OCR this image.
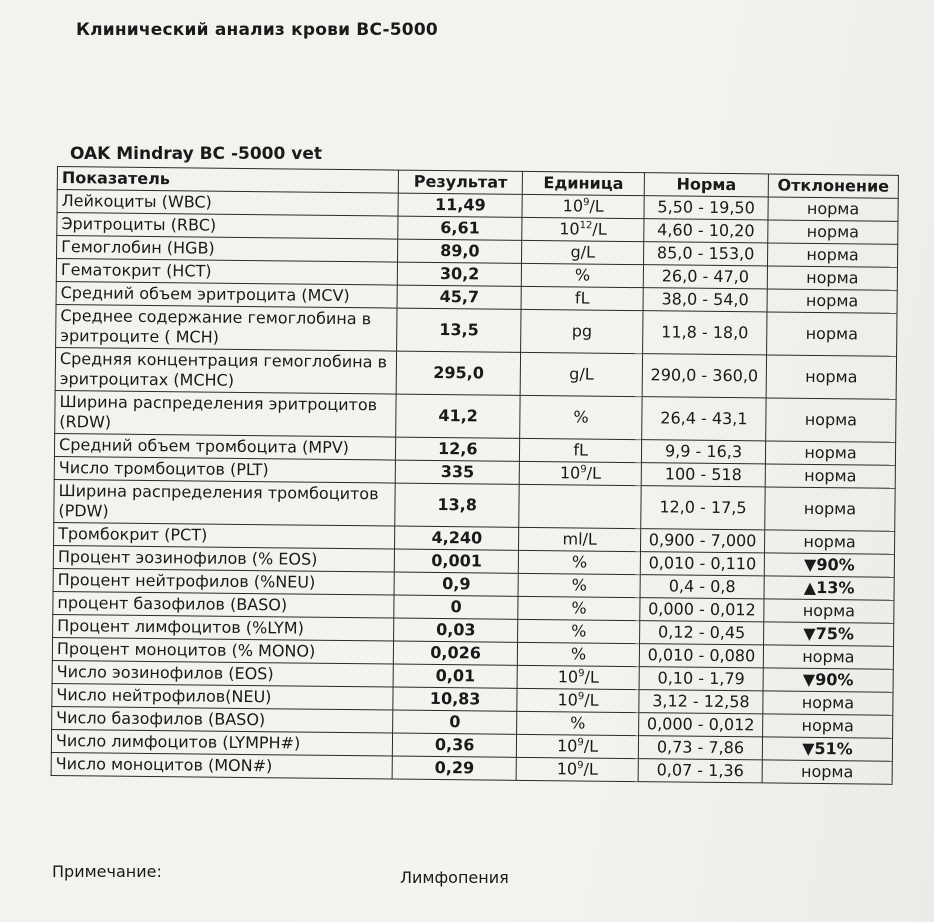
Клинический анализ крови BC-5000
OAK Mindray BC -5000 vet
Показатель	Результат	Единица	Норма	Отклонение
Лейкоциты (WBC)	11,49	$10^9/L$	5,50 - 19,50	норма
Эритроциты (RBC)	6,61	$10^{12}/L$	4,60 - 10,20	норма
Гемоглобин (HGB)	89,0	g/L	85,0 - 153,0	норма
Гематокрит (HCT)	30,2	%	26,0 - 47,0	норма
Средний объем эритроцита (MCV)	45,7	fL	38,0 - 54,0	норма
Среднее содержание гемоглобина в эритроците ( MCH)	13,5	pg	11,8 - 18,0	норма
Средняя концентрация гемоглобина в эритроцитах (MCHC)	295,0	g/L	290,0 - 360,0	норма
Ширина распределения эритроцитов (RDW)	41,2	%	26,4 - 43,1	норма
Средний объем тромбоцита (MPV)	12,6	fL	9,9 - 16,3	норма
Число тромбоцитов (PLT)	335	$10^9/L$	100 - 518	норма
Ширина распределения тромбоцитов (PDW)	13,8		12,0 - 17,5	норма
Тромбокрит (PCT)	4,240	ml/L	0,900 - 7,000	норма
Процент эозинофилов (% EOS)	0,001	%	0,010 - 0,110	▼90%
Процент нейтрофилов (%NEU)	0,9	%	0,4 - 0,8	▲13%
процент базофилов (BASO)	0	%	0,000 - 0,012	норма
Процент лимфоцитов (%LYM)	0,03	%	0,12 - 0,45	▼75%
Процент моноцитов (% MONO)	0,026	%	0,010 - 0,080	норма
Число эозинофилов (EOS)	0,01	$10^9/L$	0,10 - 1,79	▼90%
Число нейтрофилов(NEU)	10,83	$10^9/L$	3,12 - 12,58	норма
Число базофилов (BASO)	0	%	0,000 - 0,012	норма
Число лимфоцитов (LYMPH#)	0,36	$10^9/L$	0,73 - 7,86	▼51%
Число моноцитов (MON#)	0,29	$10^9/L$	0,07 - 1,36	норма
Примечание:	Лимфопения
